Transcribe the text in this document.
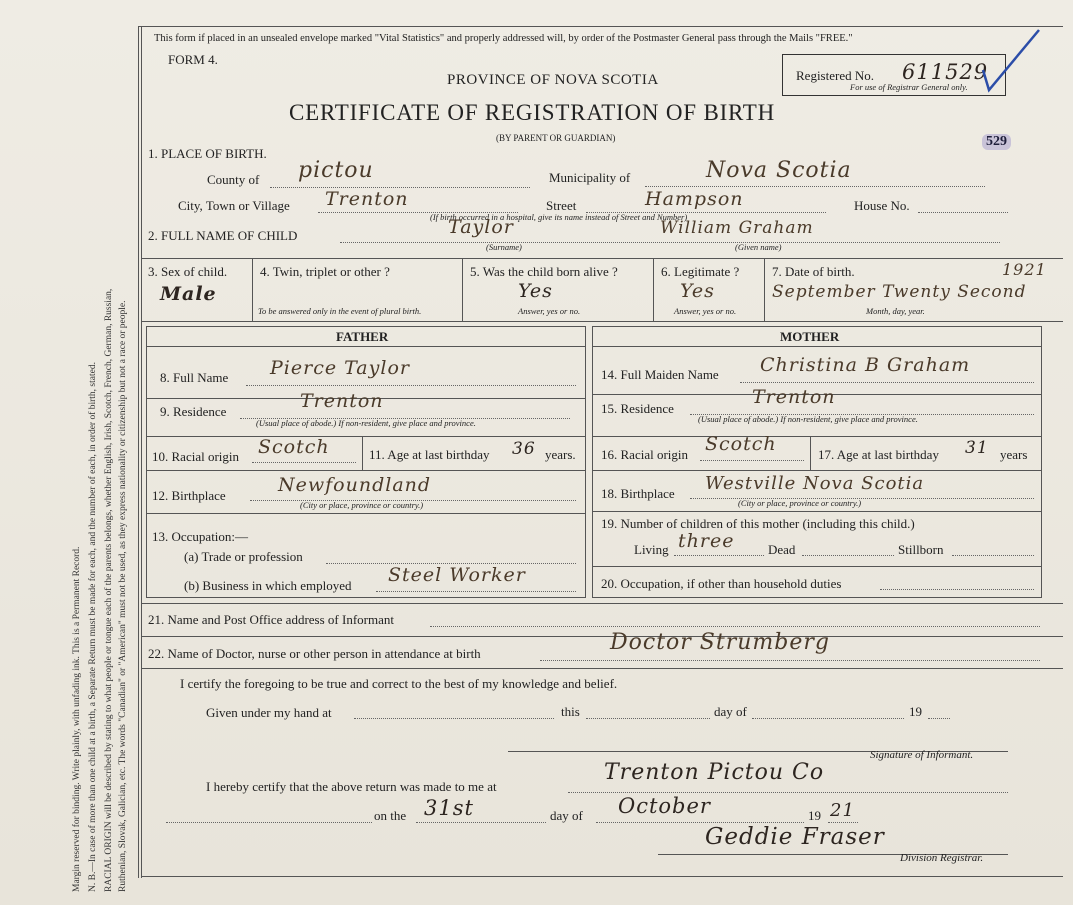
Margin reserved for binding. Write plainly, with unfading ink. This is a Permanent Record. N. B.—In case of more than one child at a birth, a Separate Return must be made for each, and the number of each, in order of birth, stated. RACIAL ORIGIN will be described by stating to what people or tongue each of the parents belongs, whether English, Irish, Scotch, French, German, Russian, Ruthenian, Slovak, Galician, etc. The words "Canadian" or "American" must not be used, as they express nationality or citizenship but not a race or people.
This form if placed in an unsealed envelope marked "Vital Statistics" and properly addressed will, by order of the Postmaster General pass through the Mails "FREE."
FORM 4.
PROVINCE OF NOVA SCOTIA
CERTIFICATE OF REGISTRATION OF BIRTH
(BY PARENT OR GUARDIAN)
Registered No. 611529
For use of Registrar General only.
529
1. PLACE OF BIRTH.
County of pictou	Municipality of	Nova Scotia
City, Town or Village Trenton	Street	Hampson	House No.
(If birth occurred in a hospital, give its name instead of Street and Number)
2. FULL NAME OF CHILD	Taylor
(Surname)
William Graham
(Given name)
3. Sex of child.
Male
4. Twin, triplet or other ?
To be answered only in the event of plural birth.
5. Was the child born alive ?
Yes
Answer, yes or no.
6. Legitimate ?
Yes
Answer, yes or no.
7. Date of birth.	1921
September Twenty Second
Month, day, year.
FATHER	MOTHER
8. Full Name Pierce Taylor
9. Residence	Trenton
(Usual place of abode.) If non-resident, give place and province.
10. Racial origin Scotch	11. Age at last birthday 36 years.
12. Birthplace	Newfoundland
(City or place, province or country.)
13. Occupation:—
(a) Trade or profession
(b) Business in which employed Steel Worker
14. Full Maiden Name Christina B Graham
15. Residence
Trenton
(Usual place of abode.) If non-resident, give place and province.
16. Racial origin Scotch	17. Age at last birthday 31 years
18. Birthplace Westville Nova Scotia
(City or place, province or country.)
19. Number of children of this mother (including this child.)
Living three	Dead	Stillborn
20. Occupation, if other than household duties
21. Name and Post Office address of Informant
22. Name of Doctor, nurse or other person in attendance at birth	Doctor Strumberg
I certify the foregoing to be true and correct to the best of my knowledge and belief.
Given under my hand at	this	day of	19
Signature of Informant.
I hereby certify that the above return was made to me at
Trenton Pictou Co
on the 31st	day of October	19 21
Geddie Fraser
Division Registrar.
